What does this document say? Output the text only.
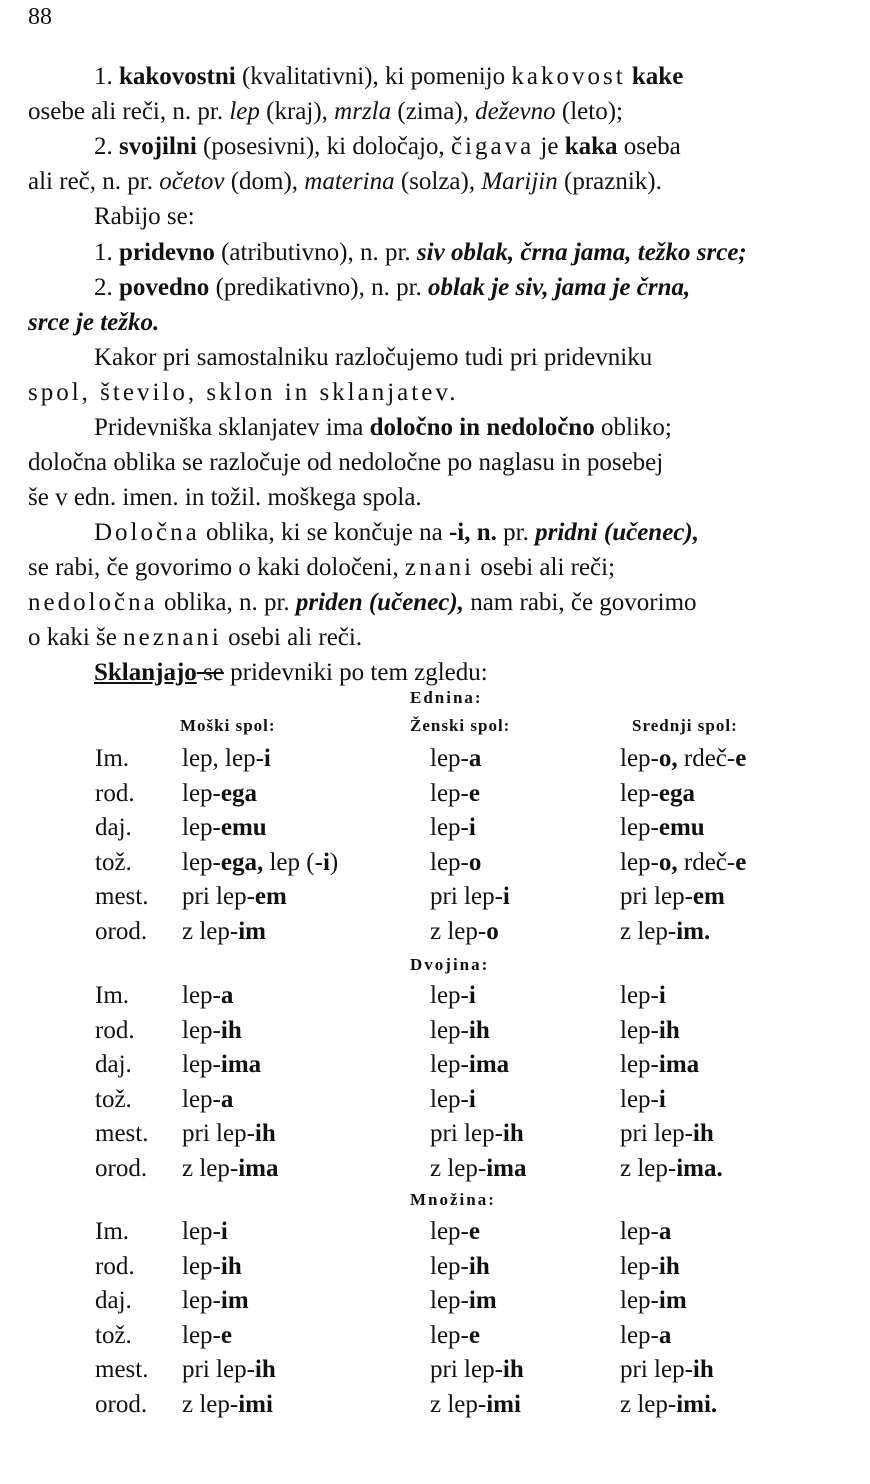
88
1. kakovostni (kvalitativni), ki pomenijo kakovost kake
osebe ali reči, n. pr. lep (kraj), mrzla (zima), deževno (leto);
2. svojilni (posesivni), ki določajo, čigava je kaka oseba
ali reč, n. pr. očetov (dom), materina (solza), Marijin (praznik).
Rabijo se:
1. pridevno (atributivno), n. pr. siv oblak, črna jama, težko srce;
2. povedno (predikativno), n. pr. oblak je siv, jama je črna,
srce je težko.
Kakor pri samostalniku razločujemo tudi pri pridevniku
spol, število, sklon in sklanjatev.
Pridevniška sklanjatev ima določno in nedoločno obliko;
določna oblika se razločuje od nedoločne po naglasu in posebej
še v edn. imen. in tožil. moškega spola.
Določna oblika, ki se končuje na -i, n. pr. pridni (učenec),
se rabi, če govorimo o kaki določeni, znani osebi ali reči;
nedoločna oblika, n. pr. priden (učenec), nam rabi, če govorimo
o kaki še neznani osebi ali reči.
Sklanjajo se pridevniki po tem zgledu:
Moški spol:	Ženski spol:	Srednji spol:
Ednina:
Im. lep, lep-i	lep-a	lep-o, rdeč-e
rod. lep-ega	lep-e	lep-ega
daj. lep-emu	lep-i	lep-emu
tož. lep-ega, lep (-i)	lep-o	lep-o, rdeč-e
mest. pri lep-em	pri lep-i	pri lep-em
orod. z lep-im	z lep-o	z lep-im.
Dvojina:
Im. lep-a	lep-i	lep-i
rod. lep-ih	lep-ih	lep-ih
daj. lep-ima	lep-ima	lep-ima
tož. lep-a	lep-i	lep-i
mest. pri lep-ih	pri lep-ih	pri lep-ih
orod. z lep-ima	z lep-ima	z lep-ima.
Množina:
Im. lep-i	lep-e	lep-a
rod. lep-ih	lep-ih	lep-ih
daj. lep-im	lep-im	lep-im
tož. lep-e	lep-e	lep-a
mest. pri lep-ih	pri lep-ih	pri lep-ih
orod. z lep-imi	z lep-imi	z lep-imi.
